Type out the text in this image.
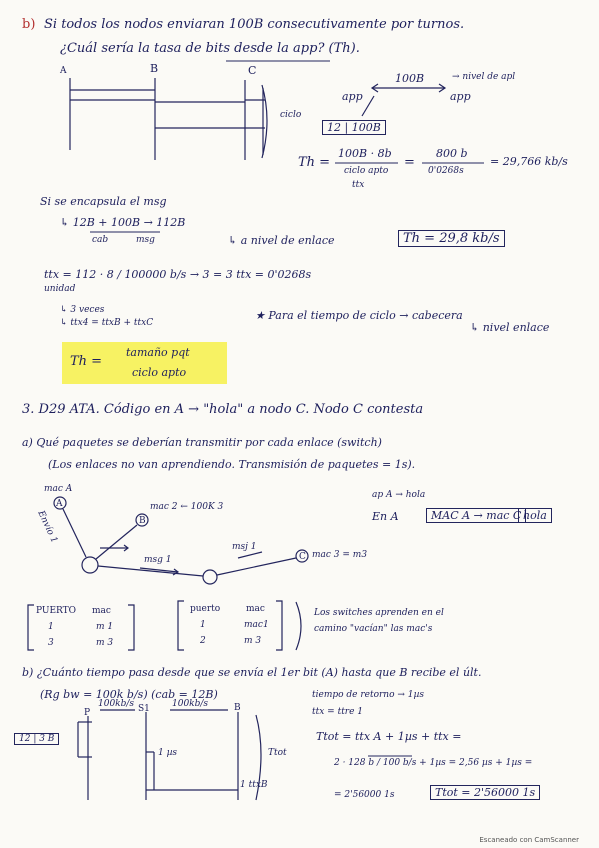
b) Si todos los nodos enviaran 100B consecutivamente por turnos.
¿Cuál sería la tasa de bits desde la app? (Th).
A	B	C
ciclo
100B	→ nivel de apl
app	app
12 | 100B
Th =
100B · 8b
ciclo apto
ttx
=
800 b
0'0268s
= 29,766 kb/s
Si se encapsula el msg
↳ 12B + 100B → 112B
cab	msg	↳ a nivel de enlace	Th = 29,8 kb/s
ttx = 112 · 8 / 100000 b/s → 3 = 3 ttx = 0'0268s
unidad
↳ 3 veces
↳ ttx4 = ttxB + ttxC
★ Para el tiempo de ciclo → cabecera
↳ nivel enlace
Th =
tamaño pqt
ciclo apto
3. D29 ATA. Código en A → "hola" a nodo C. Nodo C contesta
a) Qué paquetes se deberían transmitir por cada enlace (switch)
(Los enlaces no van aprendiendo. Transmisión de paquetes = 1s).
A
mac A
B
mac 2 ← 100K 3
C mac 3 = m3
msg 1
msj 1
Envío 1
ap A → hola
En A	MAC A → mac C hola
PUERTO mac
1	m 1
3	m 3
puerto	mac
1	mac1
2	m 3
Los switches aprenden en el
camino "vacían" las mac's
b) ¿Cuánto tiempo pasa desde que se envía el 1er bit (A) hasta que B recibe el últ.
(Rg bw = 100k b/s) (cab = 12B)	tiempo de retorno → 1µs
ttx = ttre 1
100kb/s	100kb/s
S1	B
P
12 | 3 B
1 µs
1 ttxB
Ttot
Ttot = ttx A + 1µs + ttx =
2 · 128 b / 100 b/s + 1µs = 2,56 µs + 1µs =
= 2'56000 1s	Ttot = 2'56000 1s
Escaneado con CamScanner
